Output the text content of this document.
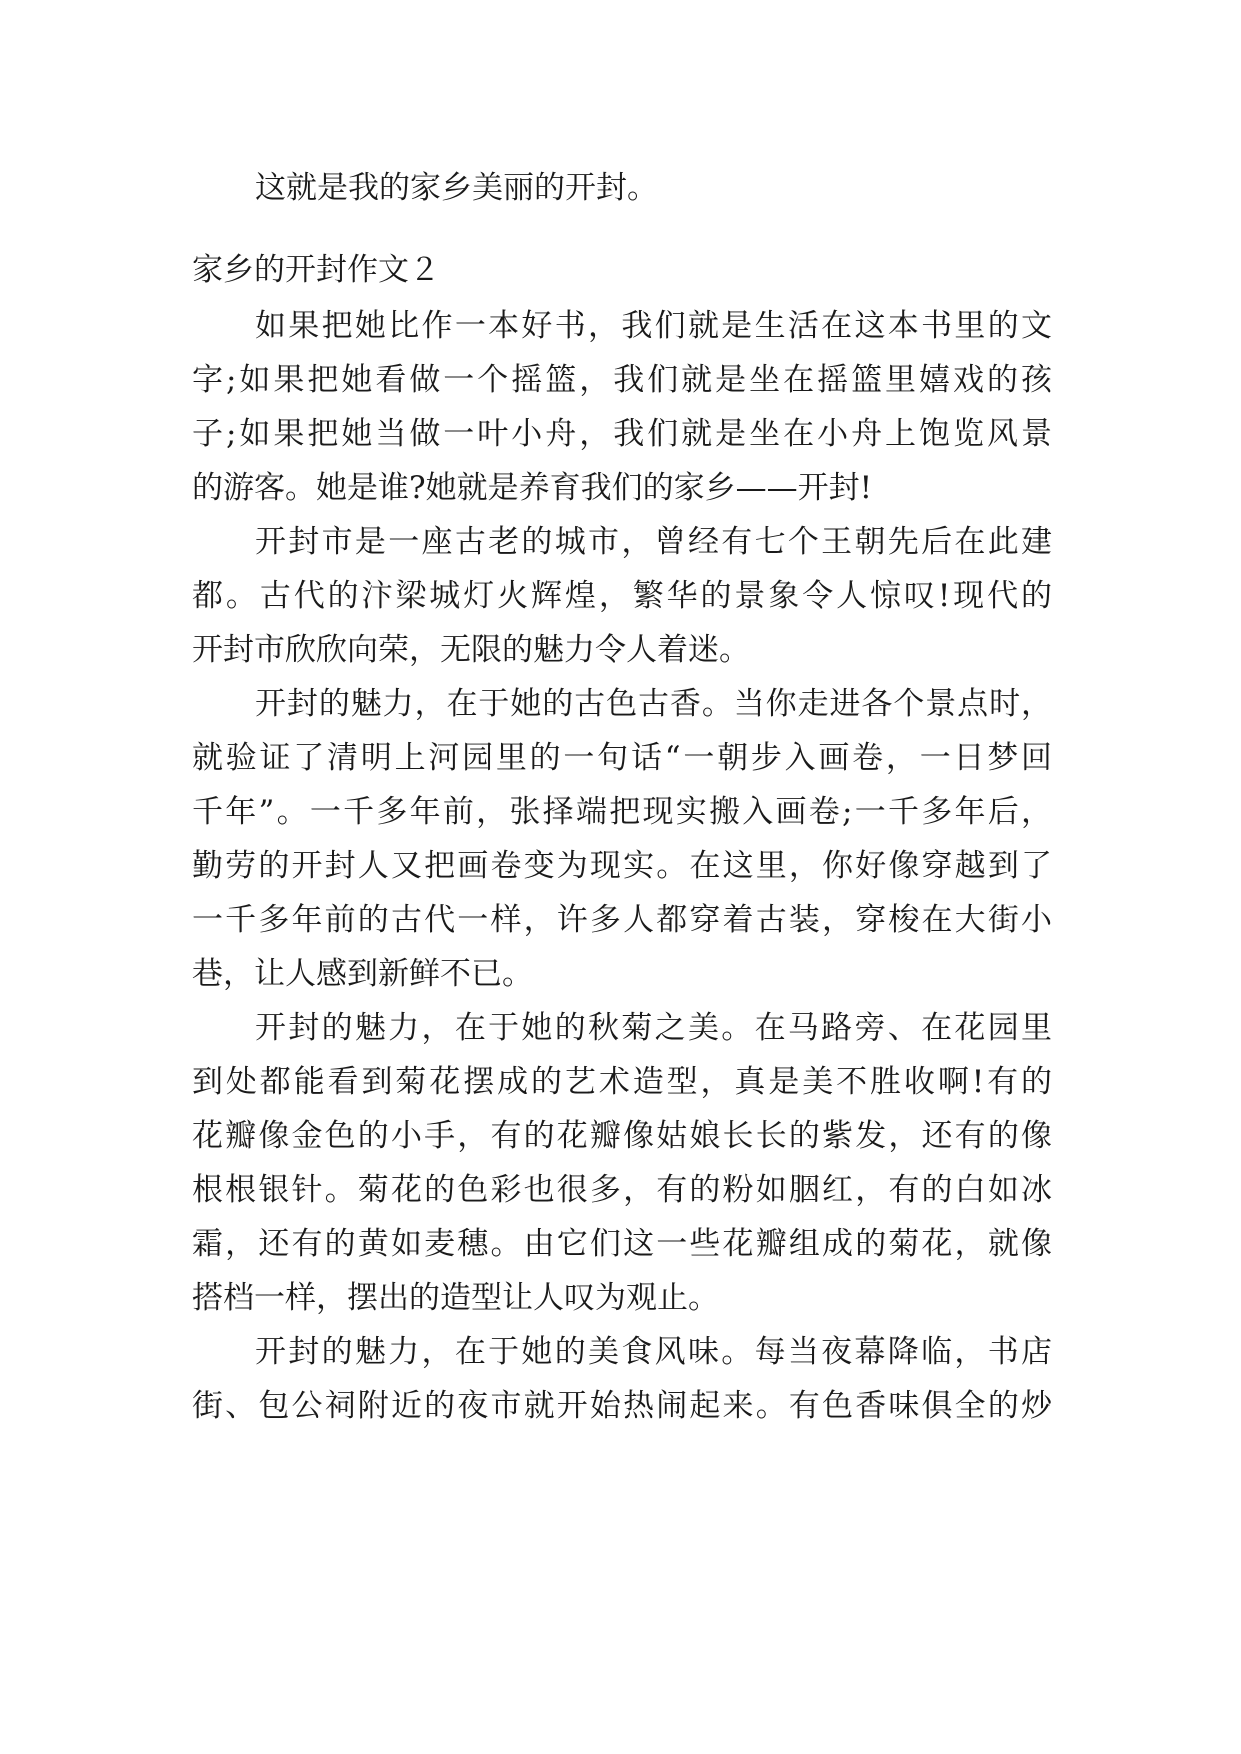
这就是我的家乡美丽的开封。
家乡的开封作文２
如果把她比作一本好书，我们就是生活在这本书里的文
字;如果把她看做一个摇篮，我们就是坐在摇篮里嬉戏的孩
子;如果把她当做一叶小舟，我们就是坐在小舟上饱览风景
的游客。她是谁?她就是养育我们的家乡——开封!
开封市是一座古老的城市，曾经有七个王朝先后在此建
都。古代的汴梁城灯火辉煌，繁华的景象令人惊叹!现代的
开封市欣欣向荣，无限的魅力令人着迷。
开封的魅力，在于她的古色古香。当你走进各个景点时，
就验证了清明上河园里的一句话“一朝步入画卷，一日梦回
千年”。一千多年前，张择端把现实搬入画卷;一千多年后，
勤劳的开封人又把画卷变为现实。在这里，你好像穿越到了
一千多年前的古代一样，许多人都穿着古装，穿梭在大街小
巷，让人感到新鲜不已。
开封的魅力，在于她的秋菊之美。在马路旁、在花园里
到处都能看到菊花摆成的艺术造型，真是美不胜收啊!有的
花瓣像金色的小手，有的花瓣像姑娘长长的紫发，还有的像
根根银针。菊花的色彩也很多，有的粉如胭红，有的白如冰
霜，还有的黄如麦穗。由它们这一些花瓣组成的菊花，就像
搭档一样，摆出的造型让人叹为观止。
开封的魅力，在于她的美食风味。每当夜幕降临，书店
街、包公祠附近的夜市就开始热闹起来。有色香味俱全的炒
